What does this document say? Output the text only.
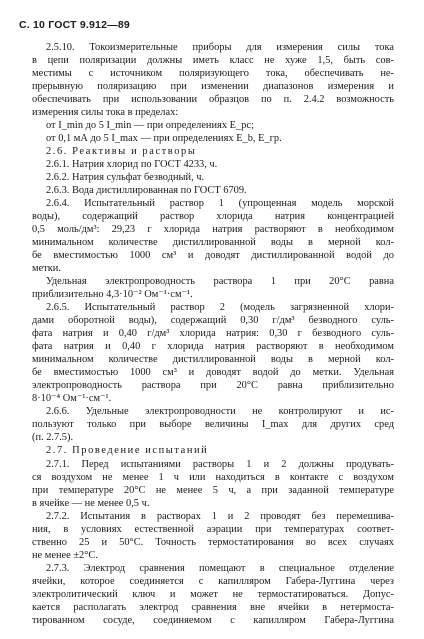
С. 10 ГОСТ 9.912—89
2.5.10. Токоизмерительные приборы для измерения силы тока
в цепи поляризации должны иметь класс не хуже 1,5, быть сов-
местимы с источником поляризующего тока, обеспечивать не-
прерывную поляризацию при изменении диапазонов измерения и
обеспечивать при использовании образцов по п. 2.4.2 возможность
измерения силы тока в пределах:
от I_min до 5 I_min — при определениях E_рс;
от 0,1 мА до 5 I_max — при определениях E_b, E_гр.
2.6. Реактивы и растворы
2.6.1. Натрия хлорид по ГОСТ 4233, ч.
2.6.2. Натрия сульфат безводный, ч.
2.6.3. Вода дистиллированная по ГОСТ 6709.
2.6.4. Испытательный раствор 1 (упрощенная модель морской
воды), содержащий раствор хлорида натрия концентрацией
0,5 моль/дм³: 29,23 г хлорида натрия растворяют в необходимом
минимальном количестве дистиллированной воды в мерной кол-
бе вместимостью 1000 см³ и доводят дистиллированной водой до
метки.
Удельная электропроводность раствора 1 при 20°С равна
приблизительно 4,3·10⁻² Ом⁻¹·см⁻¹.
2.6.5. Испытательный раствор 2 (модель загрязненной хлори-
дами оборотной воды), содержащий 0,30 г/дм³ безводного суль-
фата натрия и 0,40 г/дм³ хлорида натрия: 0,30 г безводного суль-
фата натрия и 0,40 г хлорида натрия растворяют в необходимом
минимальном количестве дистиллированной воды в мерной кол-
бе вместимостью 1000 см³ и доводят водой до метки. Удельная
электропроводность раствора при 20°С равна приблизительно
8·10⁻⁴ Ом⁻¹·см⁻¹.
2.6.6. Удельные электропроводности не контролируют и ис-
пользуют только при выборе величины I_max для других сред
(п. 2.7.5).
2.7. Проведение испытаний
2.7.1. Перед испытаниями растворы 1 и 2 должны продувать-
ся воздухом не менее 1 ч или находиться в контакте с воздухом
при температуре 20°С не менее 5 ч, а при заданной температуре
в ячейке — не менее 0,5 ч.
2.7.2. Испытания в растворах 1 и 2 проводят без перемешива-
ния, в условиях естественной аэрации при температурах соответ-
ственно 25 и 50°С. Точность термостатирования во всех случаях
не менее ±2°С.
2.7.3. Электрод сравнения помещают в специальное отделение
ячейки, которое соединяется с капилляром Габера-Луггина через
электролитический ключ и может не термостатироваться. Допус-
кается располагать электрод сравнения вне ячейки в нетермоста-
тированном сосуде, соединяемом с капилляром Габера-Луггина
